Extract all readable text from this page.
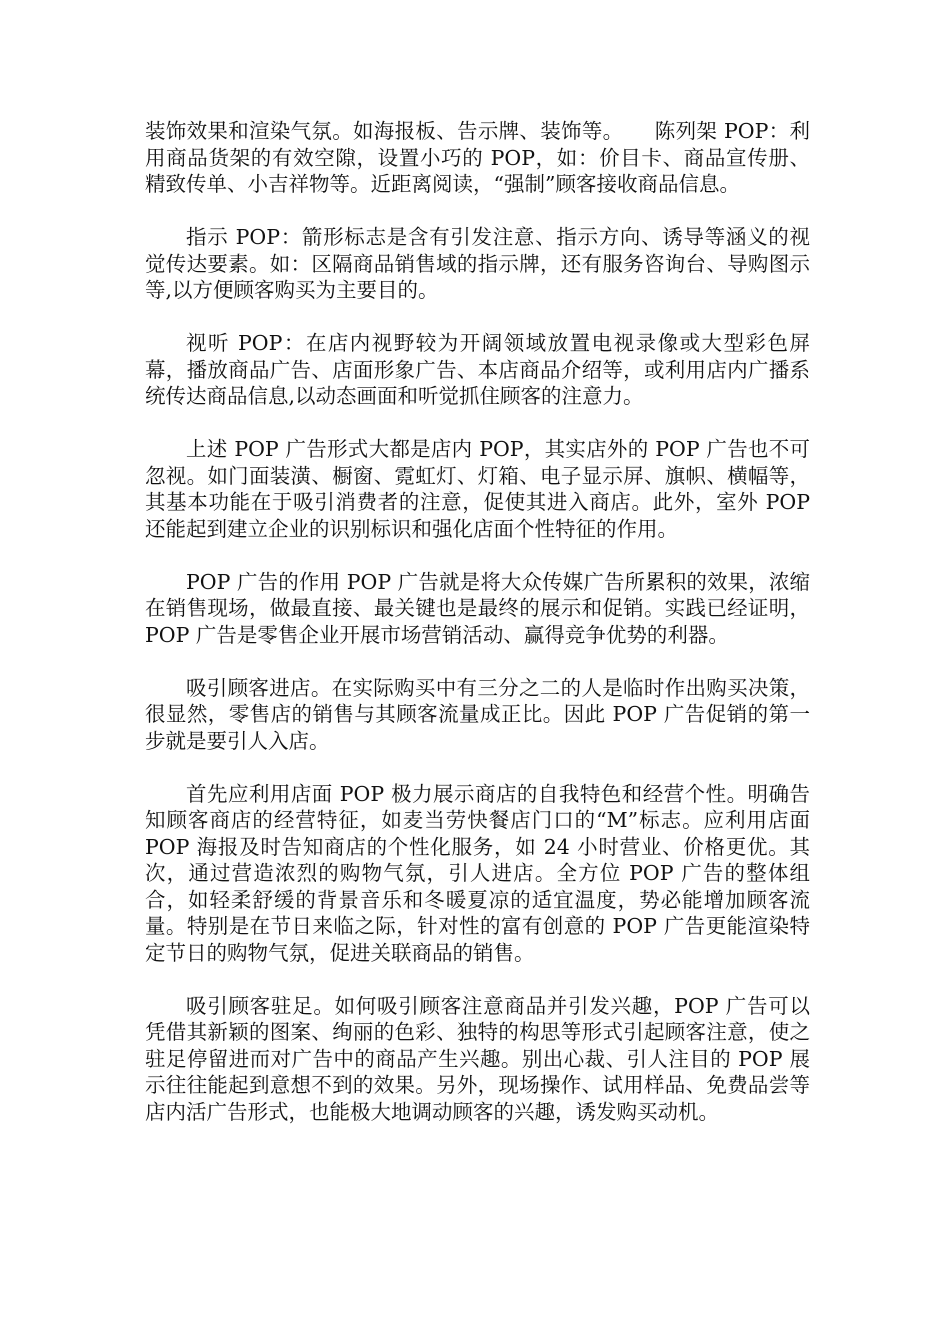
装饰效果和渲染气氛。如海报板、告示牌、装饰等。　　陈列架 POP：利用商品货架的有效空隙，设置小巧的 POP，如：价目卡、商品宣传册、精致传单、小吉祥物等。近距离阅读，“强制”顾客接收商品信息。

指示 POP：箭形标志是含有引发注意、指示方向、诱导等涵义的视觉传达要素。如：区隔商品销售域的指示牌，还有服务咨询台、导购图示等,以方便顾客购买为主要目的。

视听 POP：在店内视野较为开阔领域放置电视录像或大型彩色屏幕，播放商品广告、店面形象广告、本店商品介绍等，或利用店内广播系统传达商品信息,以动态画面和听觉抓住顾客的注意力。

上述 POP 广告形式大都是店内 POP，其实店外的 POP 广告也不可忽视。如门面装潢、橱窗、霓虹灯、灯箱、电子显示屏、旗帜、横幅等，其基本功能在于吸引消费者的注意，促使其进入商店。此外，室外 POP 还能起到建立企业的识别标识和强化店面个性特征的作用。

POP 广告的作用 POP 广告就是将大众传媒广告所累积的效果，浓缩在销售现场，做最直接、最关键也是最终的展示和促销。实践已经证明，POP 广告是零售企业开展市场营销活动、赢得竞争优势的利器。

吸引顾客进店。在实际购买中有三分之二的人是临时作出购买决策，很显然，零售店的销售与其顾客流量成正比。因此 POP 广告促销的第一步就是要引人入店。

首先应利用店面 POP 极力展示商店的自我特色和经营个性。明确告知顾客商店的经营特征，如麦当劳快餐店门口的“M”标志。应利用店面 POP 海报及时告知商店的个性化服务，如 24 小时营业、价格更优。其次，通过营造浓烈的购物气氛，引人进店。全方位 POP 广告的整体组合，如轻柔舒缓的背景音乐和冬暖夏凉的适宜温度，势必能增加顾客流量。特别是在节日来临之际，针对性的富有创意的 POP 广告更能渲染特定节日的购物气氛，促进关联商品的销售。

吸引顾客驻足。如何吸引顾客注意商品并引发兴趣，POP 广告可以凭借其新颖的图案、绚丽的色彩、独特的构思等形式引起顾客注意，使之驻足停留进而对广告中的商品产生兴趣。别出心裁、引人注目的 POP 展示往往能起到意想不到的效果。另外，现场操作、试用样品、免费品尝等店内活广告形式，也能极大地调动顾客的兴趣，诱发购买动机。
